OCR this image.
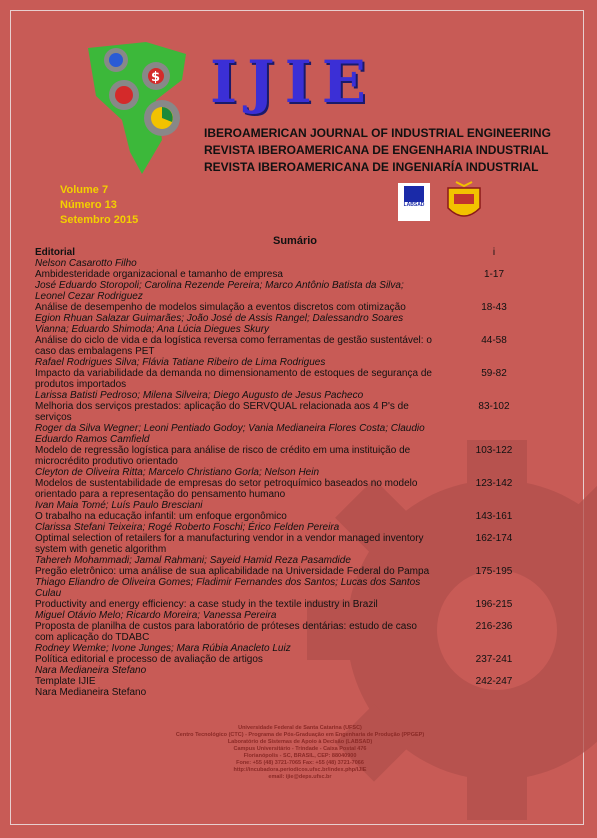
$ IJIE
IBEROAMERICAN JOURNAL OF INDUSTRIAL ENGINEERING
REVISTA IBEROAMERICANA DE ENGENHARIA INDUSTRIAL
REVISTA IBEROAMERICANA DE INGENIARÍA INDUSTRIAL
Volume 7
Número 13
Setembro 2015
LABSAD
Sumário
Editorial
Nelson Casarotto Filho
i
Ambidesteridade organizacional e tamanho de empresa
José Eduardo Storopoli; Carolina Rezende Pereira; Marco Antônio Batista da Silva; Leonel Cezar Rodriguez
1-17
Análise de desempenho de modelos simulação a eventos discretos com otimização
Egion Rhuan Salazar Guimarães; João José de Assis Rangel; Dalessandro Soares Vianna; Eduardo Shimoda; Ana Lúcia Diegues Skury
18-43
Análise do ciclo de vida e da logística reversa como ferramentas de gestão sustentável: o caso das embalagens PET
Rafael Rodrigues Silva; Flávia Tatiane Ribeiro de Lima Rodrigues
44-58
Impacto da variabilidade da demanda no dimensionamento de estoques de segurança de produtos importados
Larissa Batisti Pedroso; Milena Silveira; Diego Augusto de Jesus Pacheco
59-82
Melhoria dos serviços prestados: aplicação do SERVQUAL relacionada aos 4 P's de serviços
Roger da Silva Wegner; Leoni Pentiado Godoy; Vania Medianeira Flores Costa; Claudio Eduardo Ramos Camfield
83-102
Modelo de regressão logística para análise de risco de crédito em uma instituição de microcrédito produtivo orientado
Cleyton de Oliveira Ritta; Marcelo Christiano Gorla; Nelson Hein
103-122
Modelos de sustentabilidade de empresas do setor petroquímico baseados no modelo orientado para a representação do pensamento humano
Ivan Maia Tomé; Luís Paulo Bresciani
123-142
O trabalho na educação infantil: um enfoque ergonômico
Clarissa Stefani Teixeira; Rogé Roberto Foschi; Érico Felden Pereira
143-161
Optimal selection of retailers for a manufacturing vendor in a vendor managed inventory system with genetic algorithm
Tahereh Mohammadi; Jamal Rahmani; Sayeid Hamid Reza Pasamdide
162-174
Pregão eletrônico: uma análise de sua aplicabilidade na Universidade Federal do Pampa
Thiago Eliandro de Oliveira Gomes; Fladimir Fernandes dos Santos; Lucas dos Santos Culau
175-195
Productivity and energy efficiency: a case study in the textile industry in Brazil
Miguel Otávio Melo; Ricardo Moreira; Vanessa Pereira
196-215
Proposta de planilha de custos para laboratório de próteses dentárias: estudo de caso com aplicação do TDABC
Rodney Wemke; Ivone Junges; Mara Rúbia Anacleto Luiz
216-236
Política editorial e processo de avaliação de artigos
Nara Medianeira Stefano
237-241
Template IJIE	242-247
Nara Medianeira Stefano
Universidade Federal de Santa Catarina (UFSC)
Centro Tecnológico (CTC) - Programa de Pós-Graduação em Engenharia de Produção (PPGEP)
Laboratório de Sistemas de Apoio à Decisão (LABSAD)
Campus Universitário - Trindade - Caixa Postal 476
Florianópolis - SC, BRASIL, CEP: 88040900
Fone: +55 (48) 3721-7065 Fax: +55 (48) 3721-7066
http://incubadora.periodicos.ufsc.br/index.php/IJIE
email: ijie@deps.ufsc.br
